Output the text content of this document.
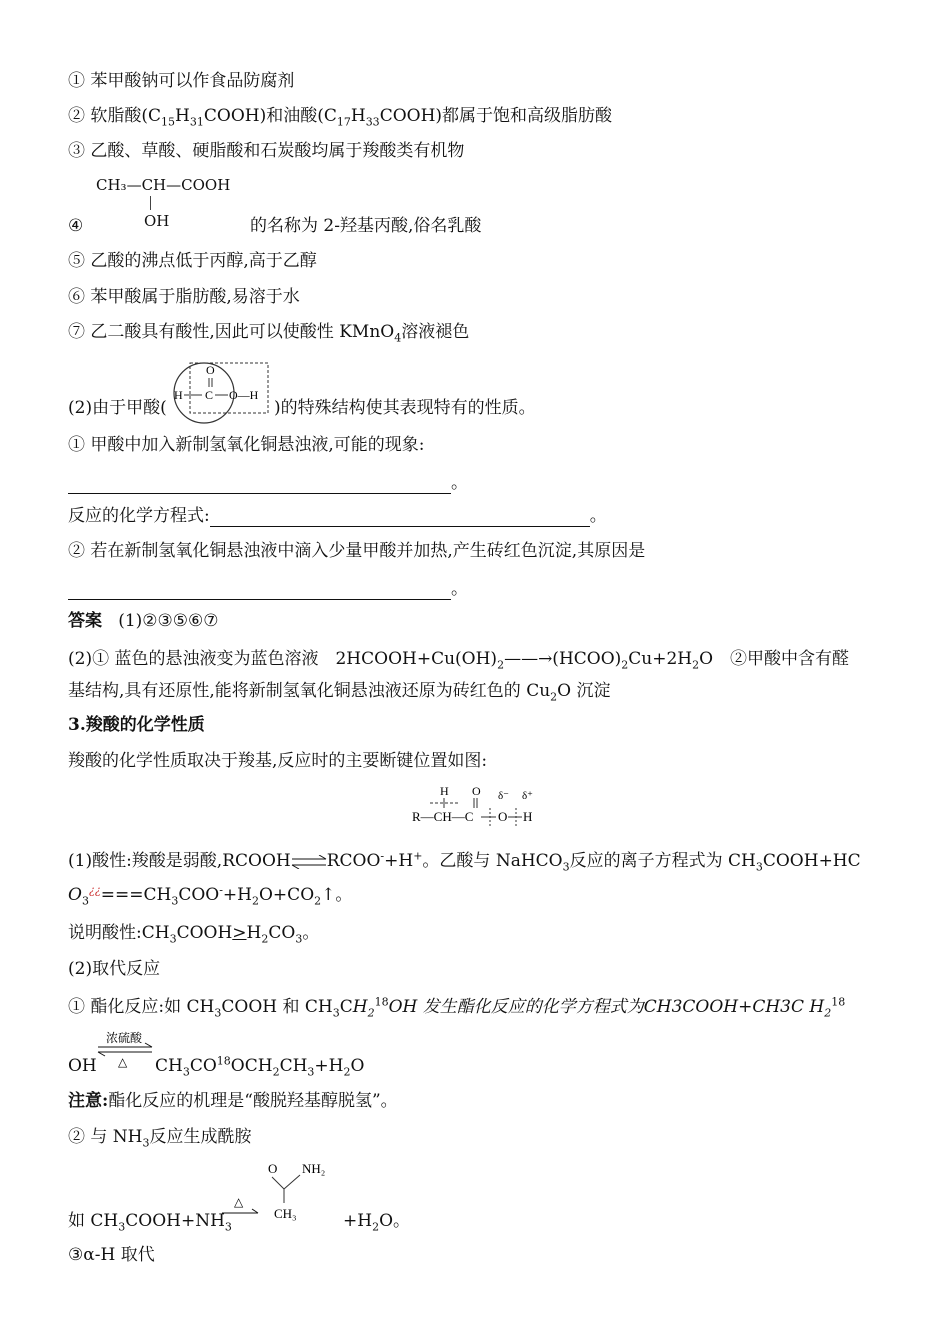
① 苯甲酸钠可以作食品防腐剂
② 软脂酸$(C_{15}H_{31}COOH)$和油酸$(C_{17}H_{33}COOH)$都属于饱和高级脂肪酸
③ 乙酸、草酸、硬脂酸和石炭酸均属于羧酸类有机物
CH₃—CH—COOH
OH
④	的名称为 2-羟基丙酸,俗名乳酸
⑤ 乙酸的沸点低于丙醇,高于乙醇
⑥ 苯甲酸属于脂肪酸,易溶于水
⑦ 乙二酸具有酸性,因此可以使酸性 KMnO$_4$溶液褪色
(2)由于甲酸(
O
H C O—H
)的特殊结构使其表现特有的性质。
① 甲酸中加入新制氢氧化铜悬浊液,可能的现象:
。
反应的化学方程式:	。
② 若在新制氢氧化铜悬浊液中滴入少量甲酸并加热,产生砖红色沉淀,其原因是
。
答案 (1)②③⑤⑥⑦
(2)① 蓝色的悬浊液变为蓝色溶液　$2HCOOH+Cu(OH)_2——\to(HCOO)_2Cu+2H_2O$　②甲酸中含有醛
基结构,具有还原性,能将新制氢氧化铜悬浊液还原为砖红色的 $Cu_2O$ 沉淀
3.羧酸的化学性质
羧酸的化学性质取决于羧基,反应时的主要断键位置如图:
H O δ⁻ δ⁺
R—CH—C O H
(1)酸性:羧酸是弱酸,RCOOH⇌RCOO-+H+。乙酸与 NaHCO$_3$反应的离子方程式为 $CH_3COOH+HC$
$O_3^{¿¿}===CH_3COO^-+H_2O+CO_2↑$。
说明酸性$:CH_3COOH>H_2CO_3$。
(2)取代反应
① 酯化反应:如 $CH_3COOH$ 和 $CH_3CH_2^{18}OH$ 发生酯化反应的化学方程式为CH3COOH+CH3C $H_2^{18}$
OH
浓硫酸
△ $CH_3CO^{18}OCH_2CH_3+H_2O$
注意:酯化反应的机理是“酸脱羟基醇脱氢”。
② 与 $NH_3$反应生成酰胺
如 $CH_3COOH+NH_3$
△
O NH₂
CH₃	$+H_2O$。
③α-H 取代
